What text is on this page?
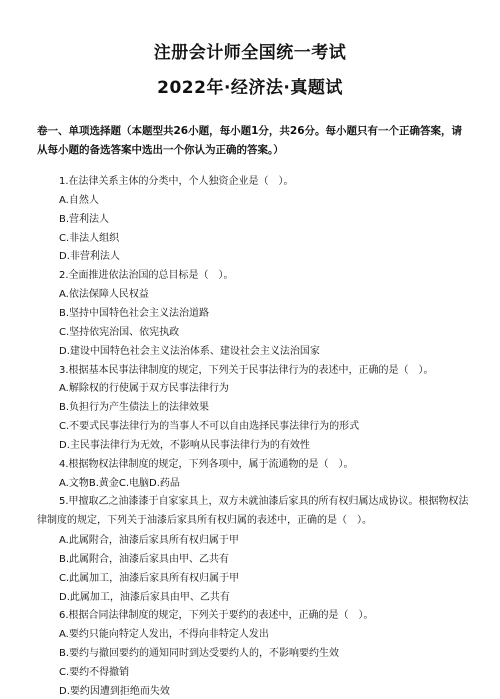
注册会计师全国统一考试
2022年·经济法·真题试
卷一、单项选择题（本题型共26小题，每小题1分，共26分。每小题只有一个正确答案，请从每小题的备选答案中选出一个你认为正确的答案。）
1.在法律关系主体的分类中，个人独资企业是（　）。
A.自然人
B.营利法人
C.非法人组织
D.非营利法人
2.全面推进依法治国的总目标是（　）。
A.依法保障人民权益
B.坚持中国特色社会主义法治道路
C.坚持依宪治国、依宪执政
D.建设中国特色社会主义法治体系、建设社会主义法治国家
3.根据基本民事法律制度的规定，下列关于民事法律行为的表述中，正确的是（　）。
A.解除权的行使属于双方民事法律行为
B.负担行为产生债法上的法律效果
C.不要式民事法律行为的当事人不可以自由选择民事法律行为的形式
D.主民事法律行为无效，不影响从民事法律行为的有效性
4.根据物权法律制度的规定，下列各项中，属于流通物的是（　）。
A.文物B.黄金C.电脑D.药品
5.甲擅取乙之油漆漆于自家家具上，双方未就油漆后家具的所有权归属达成协议。根据物权法律制度的规定，下列关于油漆后家具所有权归属的表述中，正确的是（　）。
A.此属附合，油漆后家具所有权归属于甲
B.此属附合，油漆后家具由甲、乙共有
C.此属加工，油漆后家具所有权归属于甲
D.此属加工，油漆后家具由甲、乙共有
6.根据合同法律制度的规定，下列关于要约的表述中，正确的是（　）。
A.要约只能向特定人发出，不得向非特定人发出
B.要约与撤回要约的通知同时到达受要约人的，不影响要约生效
C.要约不得撤销
D.要约因遭到拒绝而失效
